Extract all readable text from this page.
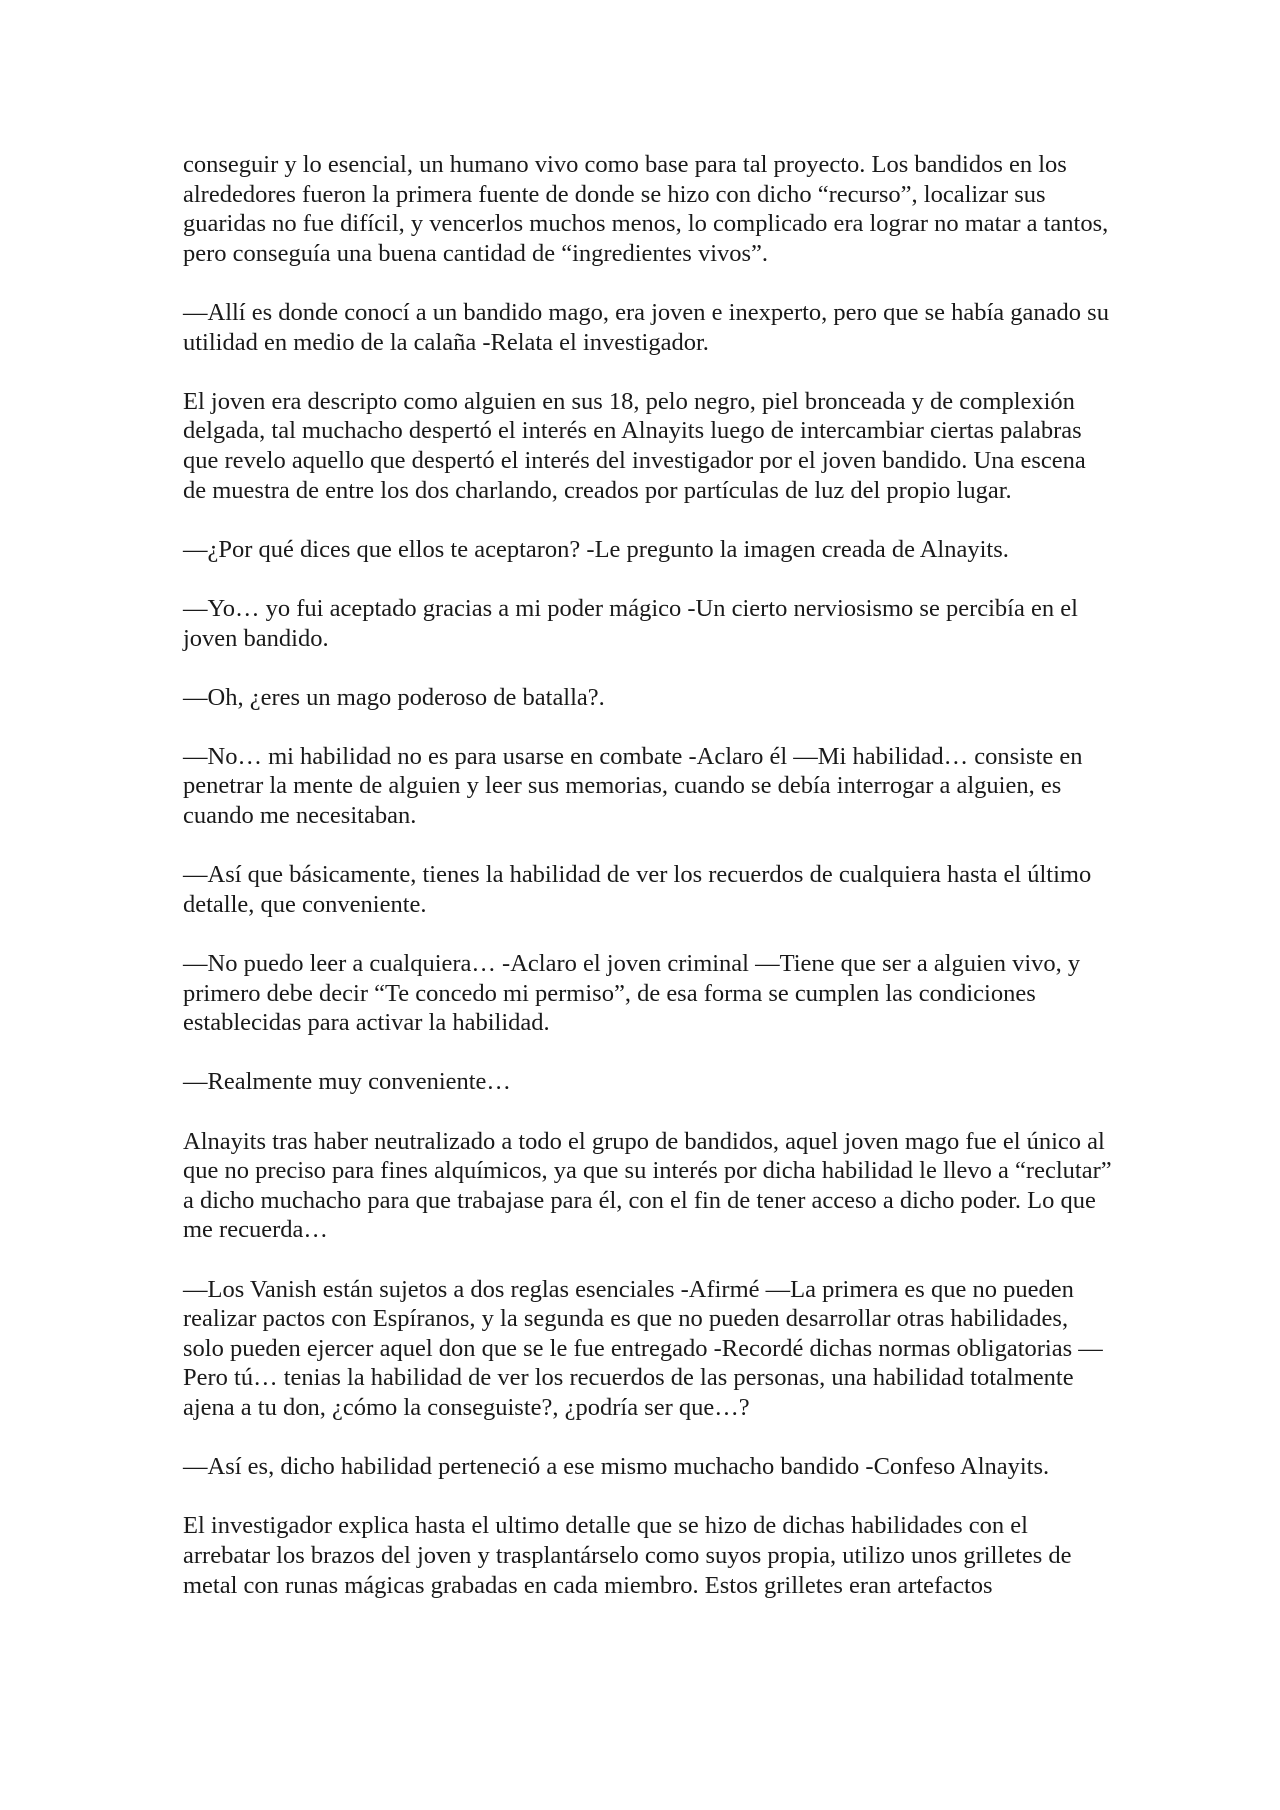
conseguir y lo esencial, un humano vivo como base para tal proyecto. Los bandidos en los alrededores fueron la primera fuente de donde se hizo con dicho “recurso”, localizar sus guaridas no fue difícil, y vencerlos muchos menos, lo complicado era lograr no matar a tantos, pero conseguía una buena cantidad de “ingredientes vivos”.

—Allí es donde conocí a un bandido mago, era joven e inexperto, pero que se había ganado su utilidad en medio de la calaña -Relata el investigador.

El joven era descripto como alguien en sus 18, pelo negro, piel bronceada y de complexión delgada, tal muchacho despertó el interés en Alnayits luego de intercambiar ciertas palabras que revelo aquello que despertó el interés del investigador por el joven bandido. Una escena de muestra de entre los dos charlando, creados por partículas de luz del propio lugar.

—¿Por qué dices que ellos te aceptaron? -Le pregunto la imagen creada de Alnayits.

—Yo… yo fui aceptado gracias a mi poder mágico -Un cierto nerviosismo se percibía en el joven bandido.

—Oh, ¿eres un mago poderoso de batalla?.

—No… mi habilidad no es para usarse en combate -Aclaro él —Mi habilidad… consiste en penetrar la mente de alguien y leer sus memorias, cuando se debía interrogar a alguien, es cuando me necesitaban.

—Así que básicamente, tienes la habilidad de ver los recuerdos de cualquiera hasta el último detalle, que conveniente.

—No puedo leer a cualquiera… -Aclaro el joven criminal —Tiene que ser a alguien vivo, y primero debe decir “Te concedo mi permiso”, de esa forma se cumplen las condiciones establecidas para activar la habilidad.

—Realmente muy conveniente…

Alnayits tras haber neutralizado a todo el grupo de bandidos, aquel joven mago fue el único al que no preciso para fines alquímicos, ya que su interés por dicha habilidad le llevo a “reclutar” a dicho muchacho para que trabajase para él, con el fin de tener acceso a dicho poder. Lo que me recuerda…

—Los Vanish están sujetos a dos reglas esenciales -Afirmé —La primera es que no pueden realizar pactos con Espíranos, y la segunda es que no pueden desarrollar otras habilidades, solo pueden ejercer aquel don que se le fue entregado -Recordé dichas normas obligatorias —Pero tú… tenias la habilidad de ver los recuerdos de las personas, una habilidad totalmente ajena a tu don, ¿cómo la conseguiste?, ¿podría ser que…?

—Así es, dicho habilidad perteneció a ese mismo muchacho bandido -Confeso Alnayits.

El investigador explica hasta el ultimo detalle que se hizo de dichas habilidades con el arrebatar los brazos del joven y trasplantárselo como suyos propia, utilizo unos grilletes de metal con runas mágicas grabadas en cada miembro. Estos grilletes eran artefactos
